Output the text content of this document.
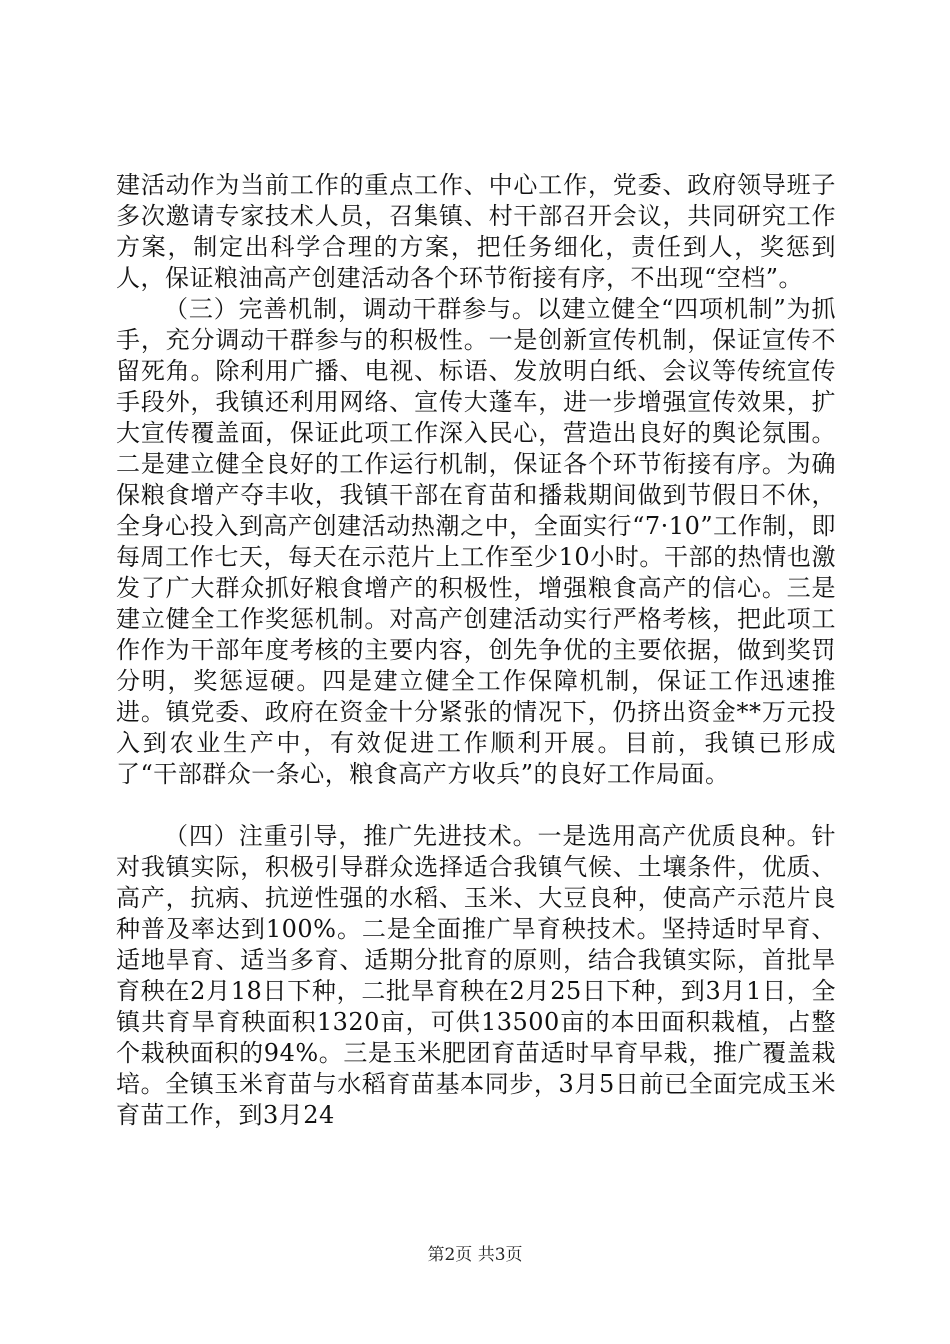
建活动作为当前工作的重点工作、中心工作，党委、政府领导班子多次邀请专家技术人员，召集镇、村干部召开会议，共同研究工作方案，制定出科学合理的方案，把任务细化，责任到人，奖惩到人，保证粮油高产创建活动各个环节衔接有序，不出现“空档”。

（三）完善机制，调动干群参与。以建立健全“四项机制”为抓手，充分调动干群参与的积极性。一是创新宣传机制，保证宣传不留死角。除利用广播、电视、标语、发放明白纸、会议等传统宣传手段外，我镇还利用网络、宣传大蓬车，进一步增强宣传效果，扩大宣传覆盖面，保证此项工作深入民心，营造出良好的舆论氛围。二是建立健全良好的工作运行机制，保证各个环节衔接有序。为确保粮食增产夺丰收，我镇干部在育苗和播栽期间做到节假日不休，全身心投入到高产创建活动热潮之中，全面实行“7·10”工作制，即每周工作七天，每天在示范片上工作至少10小时。干部的热情也激发了广大群众抓好粮食增产的积极性，增强粮食高产的信心。三是建立健全工作奖惩机制。对高产创建活动实行严格考核，把此项工作作为干部年度考核的主要内容，创先争优的主要依据，做到奖罚分明，奖惩逗硬。四是建立健全工作保障机制，保证工作迅速推进。镇党委、政府在资金十分紧张的情况下，仍挤出资金**万元投入到农业生产中，有效促进工作顺利开展。目前，我镇已形成了“干部群众一条心，粮食高产方收兵”的良好工作局面。

（四）注重引导，推广先进技术。一是选用高产优质良种。针对我镇实际，积极引导群众选择适合我镇气候、土壤条件，优质、高产，抗病、抗逆性强的水稻、玉米、大豆良种，使高产示范片良种普及率达到100%。二是全面推广旱育秧技术。坚持适时早育、适地旱育、适当多育、适期分批育的原则，结合我镇实际，首批旱育秧在2月18日下种，二批旱育秧在2月25日下种，到3月1日，全镇共育旱育秧面积1320亩，可供13500亩的本田面积栽植，占整个栽秧面积的94%。三是玉米肥团育苗适时早育早栽，推广覆盖栽培。全镇玉米育苗与水稻育苗基本同步，3月5日前已全面完成玉米育苗工作，到3月24

第2页 共3页
